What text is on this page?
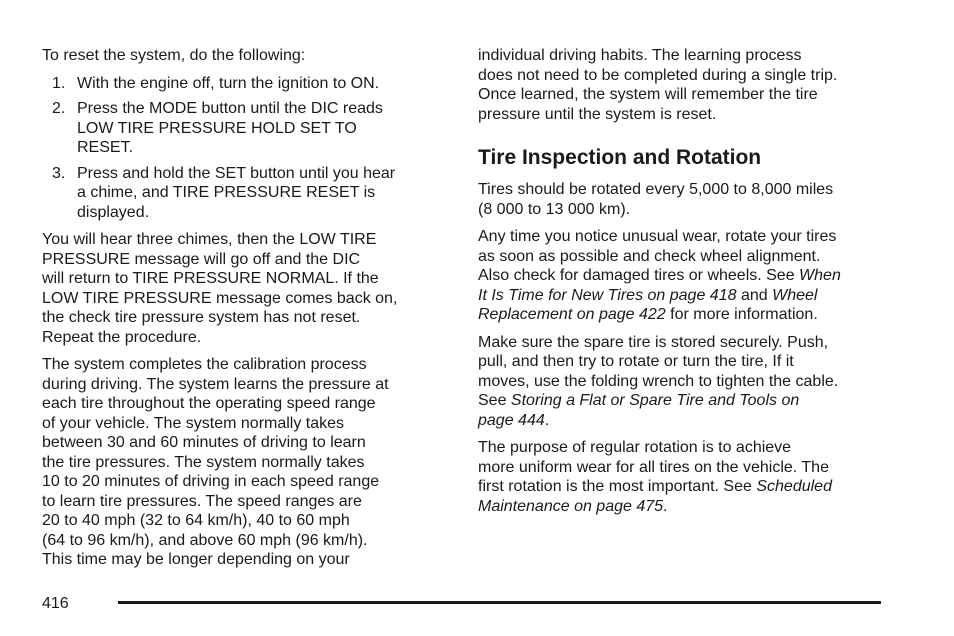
To reset the system, do the following:

1. With the engine off, turn the ignition to ON.
2. Press the MODE button until the DIC reads
LOW TIRE PRESSURE HOLD SET TO
RESET.
3. Press and hold the SET button until you hear
a chime, and TIRE PRESSURE RESET is
displayed.

You will hear three chimes, then the LOW TIRE
PRESSURE message will go off and the DIC
will return to TIRE PRESSURE NORMAL. If the
LOW TIRE PRESSURE message comes back on,
the check tire pressure system has not reset.
Repeat the procedure.

The system completes the calibration process
during driving. The system learns the pressure at
each tire throughout the operating speed range
of your vehicle. The system normally takes
between 30 and 60 minutes of driving to learn
the tire pressures. The system normally takes
10 to 20 minutes of driving in each speed range
to learn tire pressures. The speed ranges are
20 to 40 mph (32 to 64 km/h), 40 to 60 mph
(64 to 96 km/h), and above 60 mph (96 km/h).
This time may be longer depending on your

individual driving habits. The learning process
does not need to be completed during a single trip.
Once learned, the system will remember the tire
pressure until the system is reset.

Tire Inspection and Rotation

Tires should be rotated every 5,000 to 8,000 miles
(8 000 to 13 000 km).

Any time you notice unusual wear, rotate your tires
as soon as possible and check wheel alignment.
Also check for damaged tires or wheels. See When
It Is Time for New Tires on page 418 and Wheel
Replacement on page 422 for more information.

Make sure the spare tire is stored securely. Push,
pull, and then try to rotate or turn the tire, If it
moves, use the folding wrench to tighten the cable.
See Storing a Flat or Spare Tire and Tools on
page 444.

The purpose of regular rotation is to achieve
more uniform wear for all tires on the vehicle. The
first rotation is the most important. See Scheduled
Maintenance on page 475.

416
